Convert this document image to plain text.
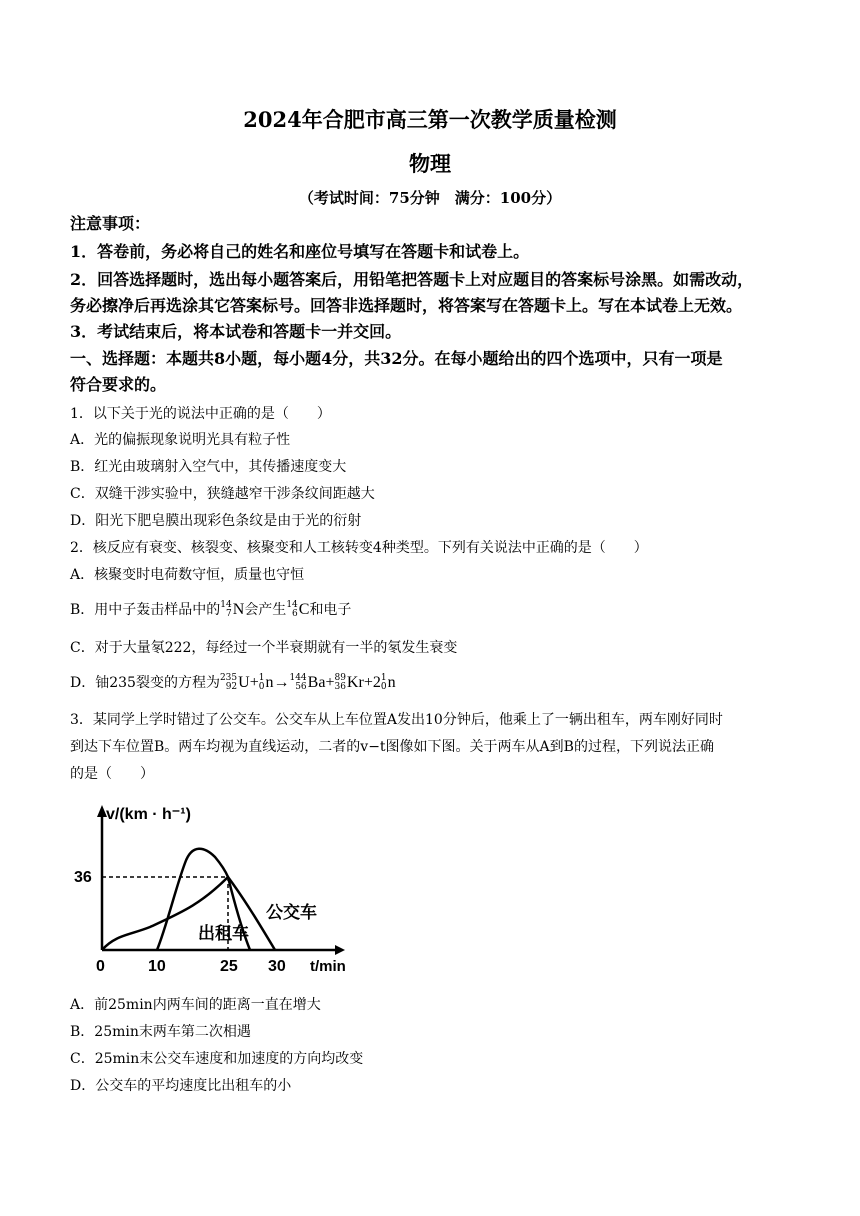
2024年合肥市高三第一次教学质量检测
物理
（考试时间：75分钟　满分：100分）
注意事项：
1．答卷前，务必将自己的姓名和座位号填写在答题卡和试卷上。
2．回答选择题时，选出每小题答案后，用铅笔把答题卡上对应题目的答案标号涂黑。如需改动，
务必擦净后再选涂其它答案标号。回答非选择题时，将答案写在答题卡上。写在本试卷上无效。
3．考试结束后，将本试卷和答题卡一并交回。
一、选择题：本题共8小题，每小题4分，共32分。在每小题给出的四个选项中，只有一项是
符合要求的。
1．以下关于光的说法中正确的是（　　）
A．光的偏振现象说明光具有粒子性
B．红光由玻璃射入空气中，其传播速度变大
C．双缝干涉实验中，狭缝越窄干涉条纹间距越大
D．阳光下肥皂膜出现彩色条纹是由于光的衍射
2．核反应有衰变、核裂变、核聚变和人工核转变4种类型。下列有关说法中正确的是（　　）
A．核聚变时电荷数守恒，质量也守恒
B．用中子轰击样品中的 14
7 N会产生 14
6 C和电子
C．对于大量氡222，每经过一个半衰期就有一半的氡发生衰变
D．铀235裂变的方程为 235
92 U+ 1
0 n→ 144
56 Ba+ 89
36 Kr+2 1
0 n
3．某同学上学时错过了公交车。公交车从上车位置A发出10分钟后，他乘上了一辆出租车，两车刚好同时
到达下车位置B。两车均视为直线运动，二者的v−t图像如下图。关于两车从A到B的过程，下列说法正确
的是（　　）
v/(km · h⁻¹)
36
0	10	25 30 t/min
公交车
出租车
A．前25min内两车间的距离一直在增大
B．25min末两车第二次相遇
C．25min末公交车速度和加速度的方向均改变
D．公交车的平均速度比出租车的小
